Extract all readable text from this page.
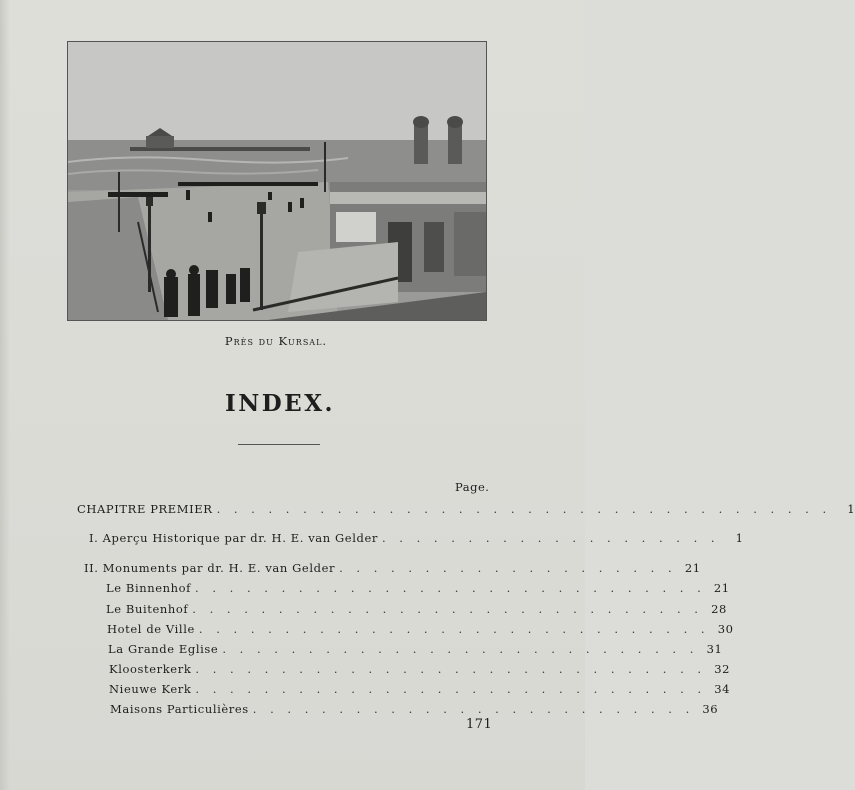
Près du Kursal.
INDEX.
Page.
CHAPITRE PREMIER . . . . . . . . . . . . . . . . . . . . . . . . . . . . . . . . . . . .	1
I. Aperçu Historique par dr. H. E. van Gelder . . . . . . . . . . . . . . . . . . . .	1
II. Monuments par dr. H. E. van Gelder . . . . . . . . . . . . . . . . . . . . 21
Le Binnenhof . . . . . . . . . . . . . . . . . . . . . . . . . . . . . . 21
Le Buitenhof . . . . . . . . . . . . . . . . . . . . . . . . . . . . . . 28
Hotel de Ville . . . . . . . . . . . . . . . . . . . . . . . . . . . . . . 30
La Grande Eglise . . . . . . . . . . . . . . . . . . . . . . . . . . . . 31
Kloosterkerk . . . . . . . . . . . . . . . . . . . . . . . . . . . . . . 32
Nieuwe Kerk . . . . . . . . . . . . . . . . . . . . . . . . . . . . . . 34
Maisons Particulières . . . . . . . . . . . . . . . . . . . . . . . . . . 36
171
